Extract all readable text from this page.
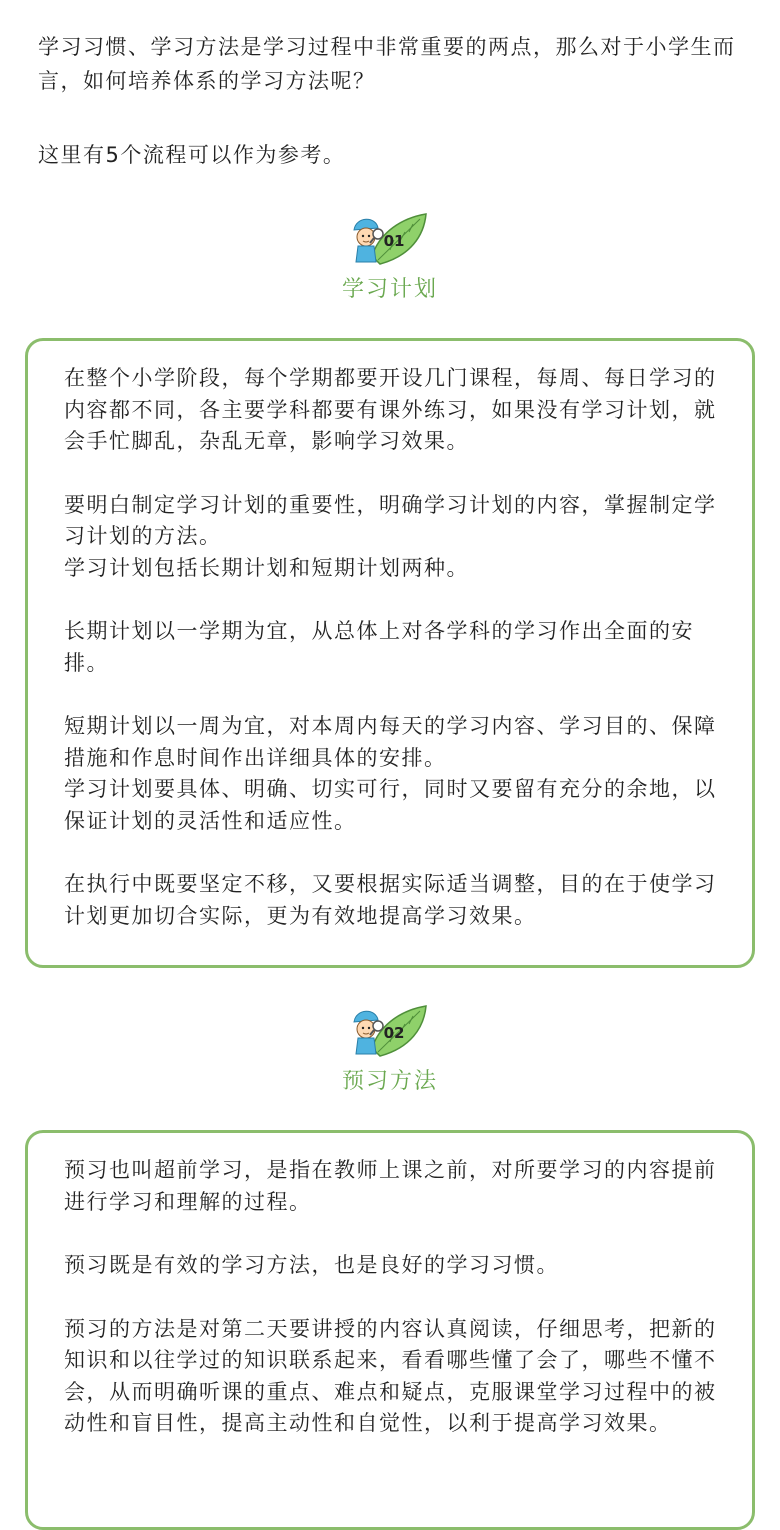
学习习惯、学习方法是学习过程中非常重要的两点，那么对于小学生而言，如何培养体系的学习方法呢？

这里有5个流程可以作为参考。

01
学习计划

在整个小学阶段，每个学期都要开设几门课程，每周、每日学习的内容都不同，各主要学科都要有课外练习，如果没有学习计划，就会手忙脚乱，杂乱无章，影响学习效果。

要明白制定学习计划的重要性，明确学习计划的内容，掌握制定学习计划的方法。

学习计划包括长期计划和短期计划两种。

长期计划以一学期为宜，从总体上对各学科的学习作出全面的安排。

短期计划以一周为宜，对本周内每天的学习内容、学习目的、保障措施和作息时间作出详细具体的安排。

学习计划要具体、明确、切实可行，同时又要留有充分的余地，以保证计划的灵活性和适应性。

在执行中既要坚定不移，又要根据实际适当调整，目的在于使学习计划更加切合实际，更为有效地提高学习效果。

02
预习方法

预习也叫超前学习，是指在教师上课之前，对所要学习的内容提前进行学习和理解的过程。

预习既是有效的学习方法，也是良好的学习习惯。

预习的方法是对第二天要讲授的内容认真阅读，仔细思考，把新的知识和以往学过的知识联系起来，看看哪些懂了会了，哪些不懂不会，从而明确听课的重点、难点和疑点，克服课堂学习过程中的被动性和盲目性，提高主动性和自觉性，以利于提高学习效果。
